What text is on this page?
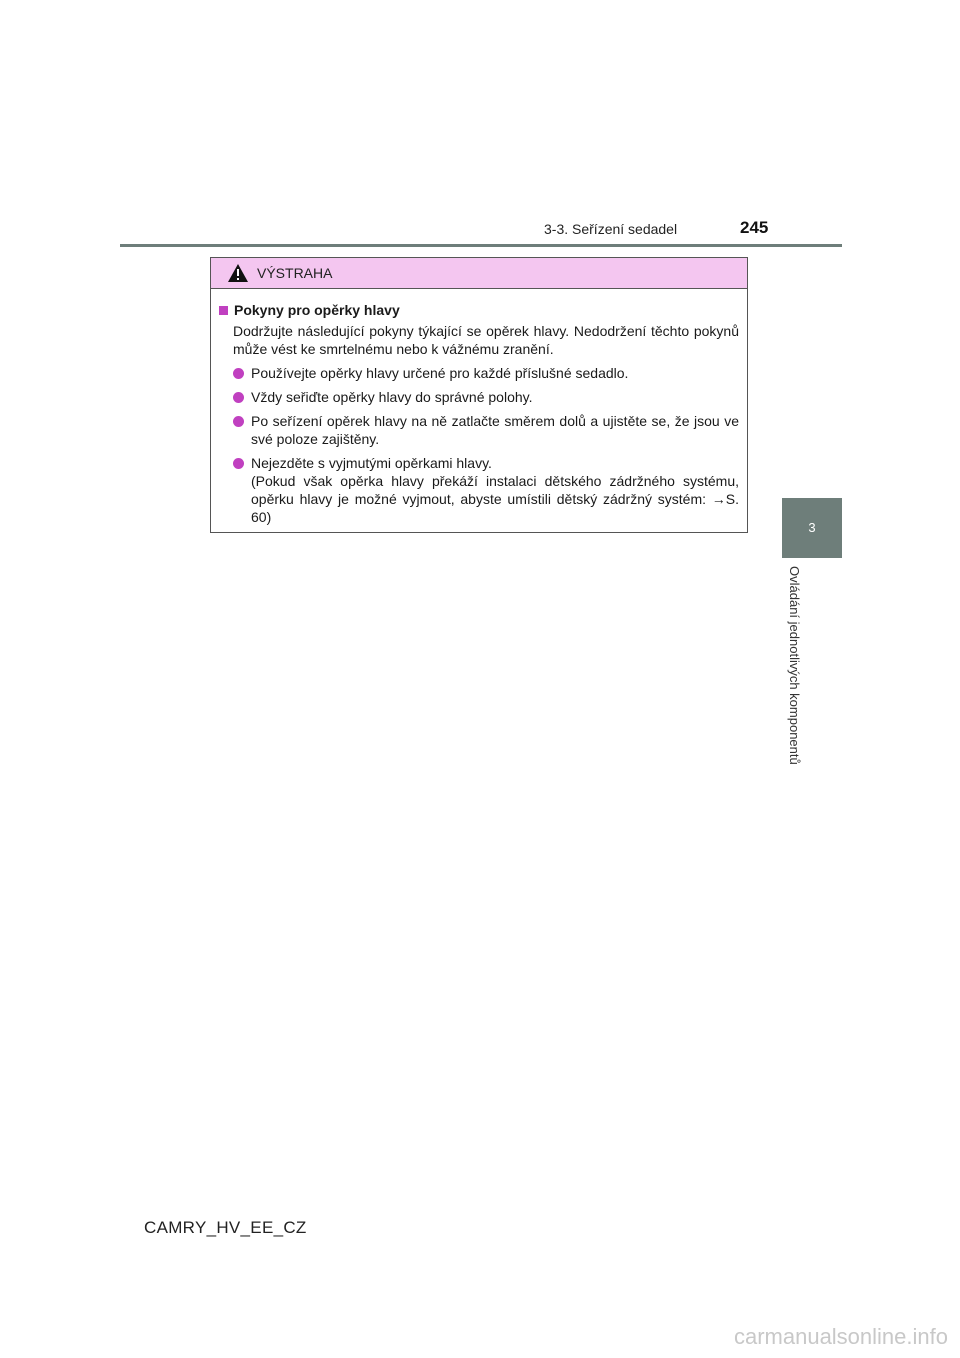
3-3. Seřízení sedadel	245
3
Ovládání jednotlivých komponentů
VÝSTRAHA
Pokyny pro opěrky hlavy
Dodržujte následující pokyny týkající se opěrek hlavy. Nedodržení těchto pokynů může vést ke smrtelnému nebo k vážnému zranění.
Používejte opěrky hlavy určené pro každé příslušné sedadlo.
Vždy seřiďte opěrky hlavy do správné polohy.
Po seřízení opěrek hlavy na ně zatlačte směrem dolů a ujistěte se, že jsou ve své poloze zajištěny.
Nejezděte s vyjmutými opěrkami hlavy.
(Pokud však opěrka hlavy překáží instalaci dětského zádržného systému, opěrku hlavy je možné vyjmout, abyste umístili dětský zádržný systém: →S. 60)
CAMRY_HV_EE_CZ
carmanualsonline.info
